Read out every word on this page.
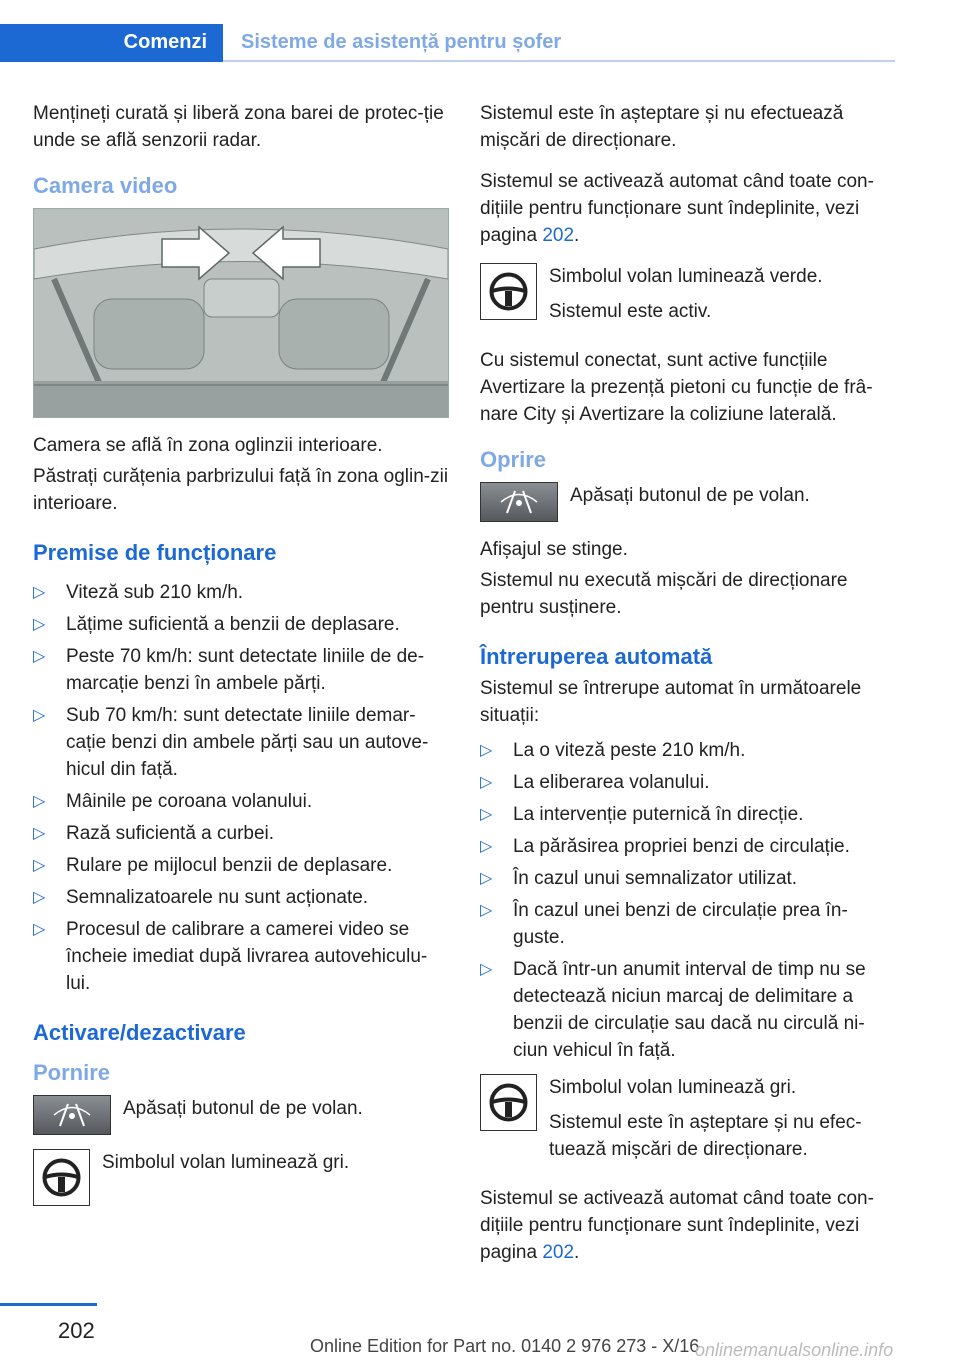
Comenzi Sisteme de asistență pentru șofer

Mențineți curată și liberă zona barei de protec‐ție unde se află senzorii radar.

Camera video

Camera se află în zona oglinzii interioare.

Păstrați curățenia parbrizului față în zona oglin‐zii interioare.

Premise de funcționare
▷ Viteză sub 210 km/h.
▷ Lățime suficientă a benzii de deplasare.
▷ Peste 70 km/h: sunt detectate liniile de de‐marcație benzi în ambele părți.
▷ Sub 70 km/h: sunt detectate liniile demar‐cație benzi din ambele părți sau un autove‐hicul din față.
▷ Mâinile pe coroana volanului.
▷ Rază suficientă a curbei.
▷ Rulare pe mijlocul benzii de deplasare.
▷ Semnalizatoarele nu sunt acționate.
▷ Procesul de calibrare a camerei video se încheie imediat după livrarea autovehiculu‐lui.
Activare/dezactivare
Pornire

Apăsați butonul de pe volan.

Simbolul volan luminează gri.

Sistemul este în așteptare și nu efectuează mișcări de direcționare.

Sistemul se activează automat când toate con‐dițiile pentru funcționare sunt îndeplinite, vezi pagina 202.

Simbolul volan luminează verde.

Sistemul este activ.

Cu sistemul conectat, sunt active funcțiile Avertizare la prezență pietoni cu funcție de frâ‐nare City și Avertizare la coliziune laterală.

Oprire

Apăsați butonul de pe volan.

Afișajul se stinge.

Sistemul nu execută mișcări de direcționare pentru susținere.

Întreruperea automată

Sistemul se întrerupe automat în următoarele situații:

▷ La o viteză peste 210 km/h.
▷ La eliberarea volanului.
▷ La intervenție puternică în direcție.
▷ La părăsirea propriei benzi de circulație.
▷ În cazul unui semnalizator utilizat.
▷ În cazul unei benzi de circulație prea în‐guste.
▷ Dacă într-un anumit interval de timp nu se detectează niciun marcaj de delimitare a benzii de circulație sau dacă nu circulă ni‐ciun vehicul în față.

Simbolul volan luminează gri.

Sistemul este în așteptare și nu efec‐tuează mișcări de direcționare.

Sistemul se activează automat când toate con‐dițiile pentru funcționare sunt îndeplinite, vezi pagina 202.

202
Online Edition for Part no. 0140 2 976 273 - X/16
onlinemanualsonline.info
